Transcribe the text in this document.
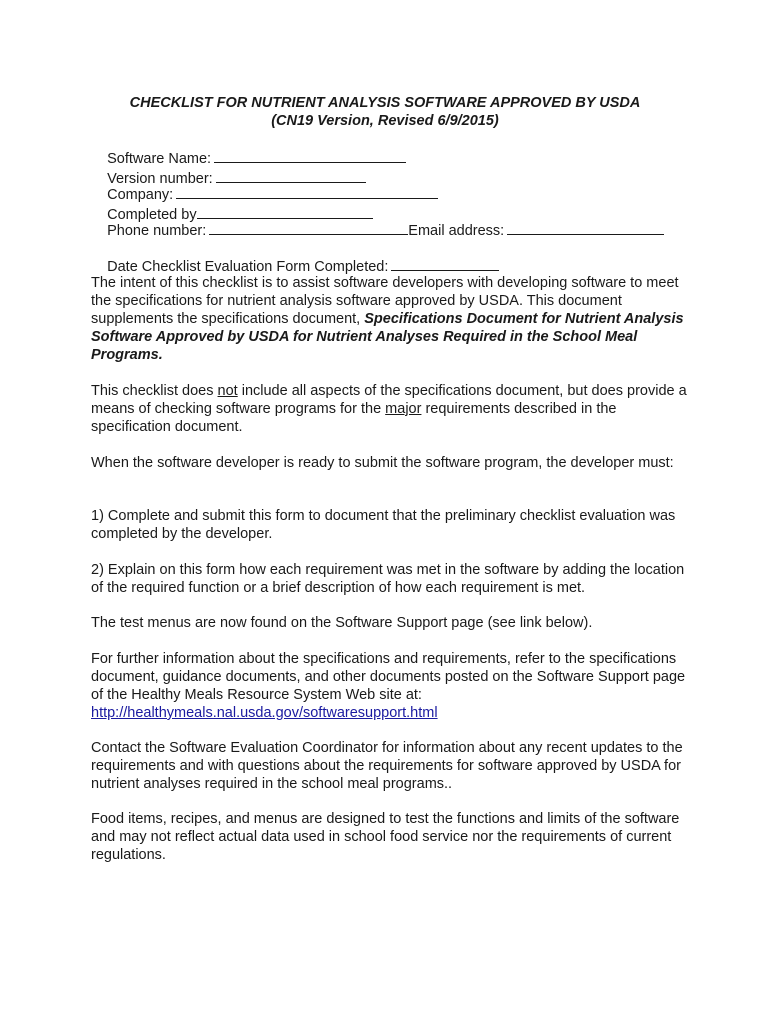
CHECKLIST FOR NUTRIENT ANALYSIS SOFTWARE APPROVED BY USDA

(CN19 Version, Revised 6/9/2015)

Software Name:
Version number:

Company:
Completed by

Phone number:	Email address:

Date Checklist Evaluation Form Completed:

The intent of this checklist is to assist software developers with developing software to meet the specifications for nutrient analysis software approved by USDA. This document supplements the specifications document, Specifications Document for Nutrient Analysis Software Approved by USDA for Nutrient Analyses Required in the School Meal Programs.

This checklist does not include all aspects of the specifications document, but does provide a means of checking software programs for the major requirements described in the specification document.

When the software developer is ready to submit the software program, the developer must:

1) Complete and submit this form to document that the preliminary checklist evaluation was completed by the developer.

2) Explain on this form how each requirement was met in the software by adding the location of the required function or a brief description of how each requirement is met.

The test menus are now found on the Software Support page (see link below).

For further information about the specifications and requirements, refer to the specifications document, guidance documents, and other documents posted on the Software Support page of the Healthy Meals Resource System Web site at:
http://healthymeals.nal.usda.gov/softwaresupport.html

Contact the Software Evaluation Coordinator for information about any recent updates to the requirements and with questions about the requirements for software approved by USDA for nutrient analyses required in the school meal programs..

Food items, recipes, and menus are designed to test the functions and limits of the software and may not reflect actual data used in school food service nor the requirements of current regulations.
